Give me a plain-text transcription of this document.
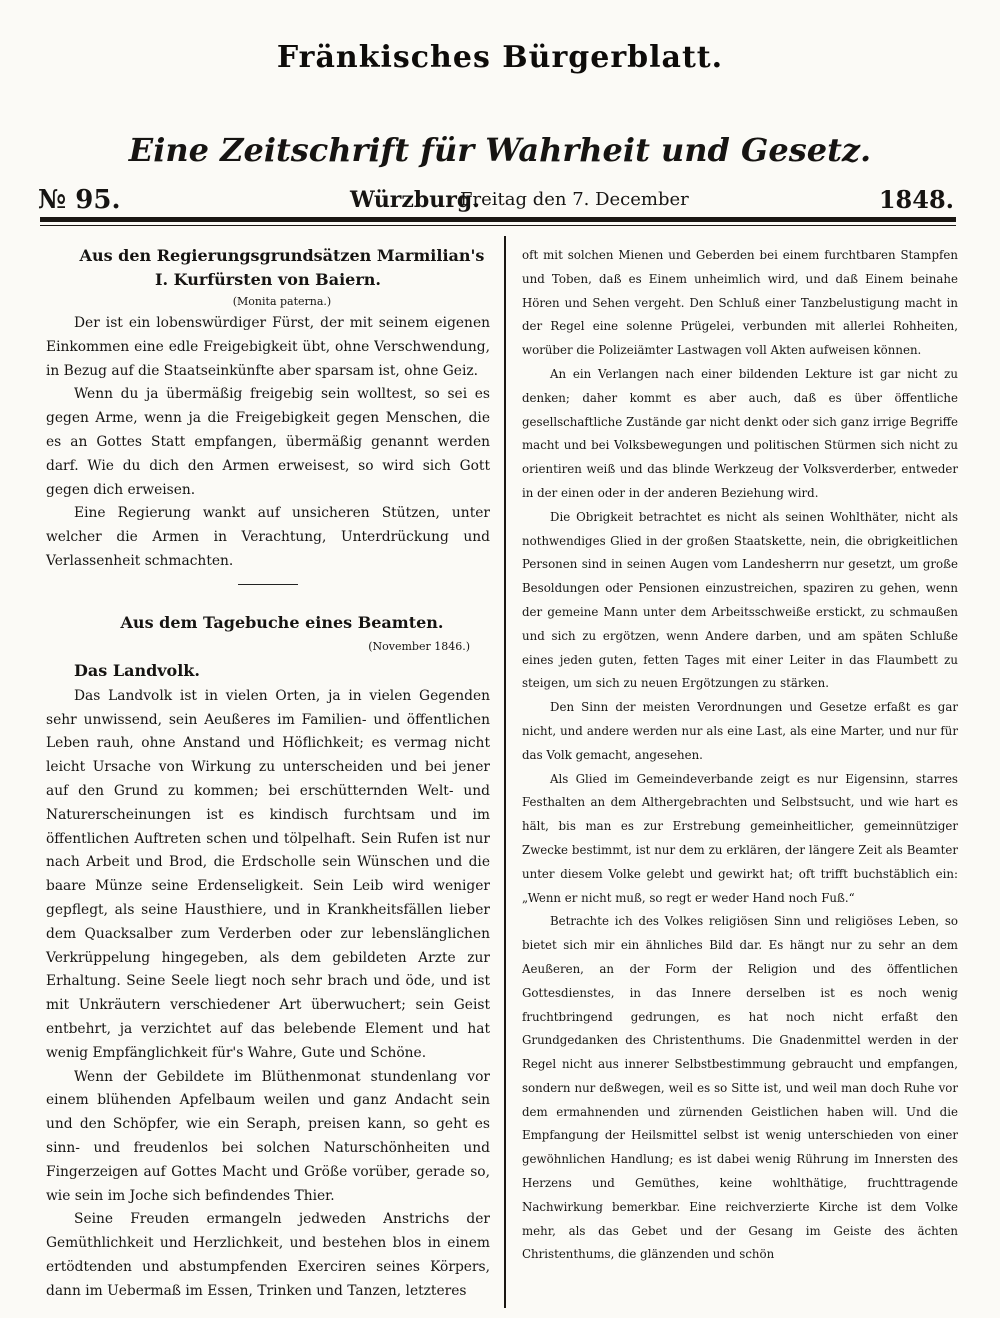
Fränkisches Bürgerblatt.
Eine Zeitschrift für Wahrheit und Gesetz.
№ 95.	Würzburg.
Freitag den 7. December	1848.

Aus den Regierungsgrundsätzen Marmilian's I. Kurfürsten von Baiern.

(Monita paterna.)

Der ist ein lobenswürdiger Fürst, der mit seinem eigenen Einkommen eine edle Freigebigkeit übt, ohne Verschwendung, in Bezug auf die Staatseinkünfte aber sparsam ist, ohne Geiz.

Wenn du ja übermäßig freigebig sein wolltest, so sei es gegen Arme, wenn ja die Freigebigkeit gegen Menschen, die es an Gottes Statt empfangen, übermäßig genannt werden darf. Wie du dich den Armen erweisest, so wird sich Gott gegen dich erweisen.

Eine Regierung wankt auf unsicheren Stützen, unter welcher die Armen in Verachtung, Unterdrückung und Verlassenheit schmachten.

Aus dem Tagebuche eines Beamten.

(November 1846.)

Das Landvolk.

Das Landvolk ist in vielen Orten, ja in vielen Gegenden sehr unwissend, sein Aeußeres im Familien- und öffentlichen Leben rauh, ohne Anstand und Höflichkeit; es vermag nicht leicht Ursache von Wirkung zu unterscheiden und bei jener auf den Grund zu kommen; bei erschütternden Welt- und Naturerscheinungen ist es kindisch furchtsam und im öffentlichen Auftreten schen und tölpelhaft. Sein Rufen ist nur nach Arbeit und Brod, die Erdscholle sein Wünschen und die baare Münze seine Erdenseligkeit. Sein Leib wird weniger gepflegt, als seine Hausthiere, und in Krankheitsfällen lieber dem Quacksalber zum Verderben oder zur lebenslänglichen Verkrüppelung hingegeben, als dem gebildeten Arzte zur Erhaltung. Seine Seele liegt noch sehr brach und öde, und ist mit Unkräutern verschiedener Art überwuchert; sein Geist entbehrt, ja verzichtet auf das belebende Element und hat wenig Empfänglichkeit für's Wahre, Gute und Schöne.

Wenn der Gebildete im Blüthenmonat stundenlang vor einem blühenden Apfelbaum weilen und ganz Andacht sein und den Schöpfer, wie ein Seraph, preisen kann, so geht es sinn- und freudenlos bei solchen Naturschönheiten und Fingerzeigen auf Gottes Macht und Größe vorüber, gerade so, wie sein im Joche sich befindendes Thier.

Seine Freuden ermangeln jedweden Anstrichs der Gemüthlichkeit und Herzlichkeit, und bestehen blos in einem ertödtenden und abstumpfenden Exerciren seines Körpers, dann im Uebermaß im Essen, Trinken und Tanzen, letzteres

oft mit solchen Mienen und Geberden bei einem furchtbaren Stampfen und Toben, daß es Einem unheimlich wird, und daß Einem beinahe Hören und Sehen vergeht. Den Schluß einer Tanzbelustigung macht in der Regel eine solenne Prügelei, verbunden mit allerlei Rohheiten, worüber die Polizeiämter Lastwagen voll Akten aufweisen können.

An ein Verlangen nach einer bildenden Lekture ist gar nicht zu denken; daher kommt es aber auch, daß es über öffentliche gesellschaftliche Zustände gar nicht denkt oder sich ganz irrige Begriffe macht und bei Volksbewegungen und politischen Stürmen sich nicht zu orientiren weiß und das blinde Werkzeug der Volksverderber, entweder in der einen oder in der anderen Beziehung wird.

Die Obrigkeit betrachtet es nicht als seinen Wohlthäter, nicht als nothwendiges Glied in der großen Staatskette, nein, die obrigkeitlichen Personen sind in seinen Augen vom Landesherrn nur gesetzt, um große Besoldungen oder Pensionen einzustreichen, spaziren zu gehen, wenn der gemeine Mann unter dem Arbeitsschweiße erstickt, zu schmaußen und sich zu ergötzen, wenn Andere darben, und am späten Schluße eines jeden guten, fetten Tages mit einer Leiter in das Flaumbett zu steigen, um sich zu neuen Ergötzungen zu stärken.

Den Sinn der meisten Verordnungen und Gesetze erfaßt es gar nicht, und andere werden nur als eine Last, als eine Marter, und nur für das Volk gemacht, angesehen.

Als Glied im Gemeindeverbande zeigt es nur Eigensinn, starres Festhalten an dem Althergebrachten und Selbstsucht, und wie hart es hält, bis man es zur Erstrebung gemeinheitlicher, gemeinnütziger Zwecke bestimmt, ist nur dem zu erklären, der längere Zeit als Beamter unter diesem Volke gelebt und gewirkt hat; oft trifft buchstäblich ein: „Wenn er nicht muß, so regt er weder Hand noch Fuß.“

Betrachte ich des Volkes religiösen Sinn und religiöses Leben, so bietet sich mir ein ähnliches Bild dar. Es hängt nur zu sehr an dem Aeußeren, an der Form der Religion und des öffentlichen Gottesdienstes, in das Innere derselben ist es noch wenig fruchtbringend gedrungen, es hat noch nicht erfaßt den Grundgedanken des Christenthums. Die Gnadenmittel werden in der Regel nicht aus innerer Selbstbestimmung gebraucht und empfangen, sondern nur deßwegen, weil es so Sitte ist, und weil man doch Ruhe vor dem ermahnenden und zürnenden Geistlichen haben will. Und die Empfangung der Heilsmittel selbst ist wenig unterschieden von einer gewöhnlichen Handlung; es ist dabei wenig Rührung im Innersten des Herzens und Gemüthes, keine wohlthätige, fruchttragende Nachwirkung bemerkbar. Eine reichverzierte Kirche ist dem Volke mehr, als das Gebet und der Gesang im Geiste des ächten Christenthums, die glänzenden und schön
